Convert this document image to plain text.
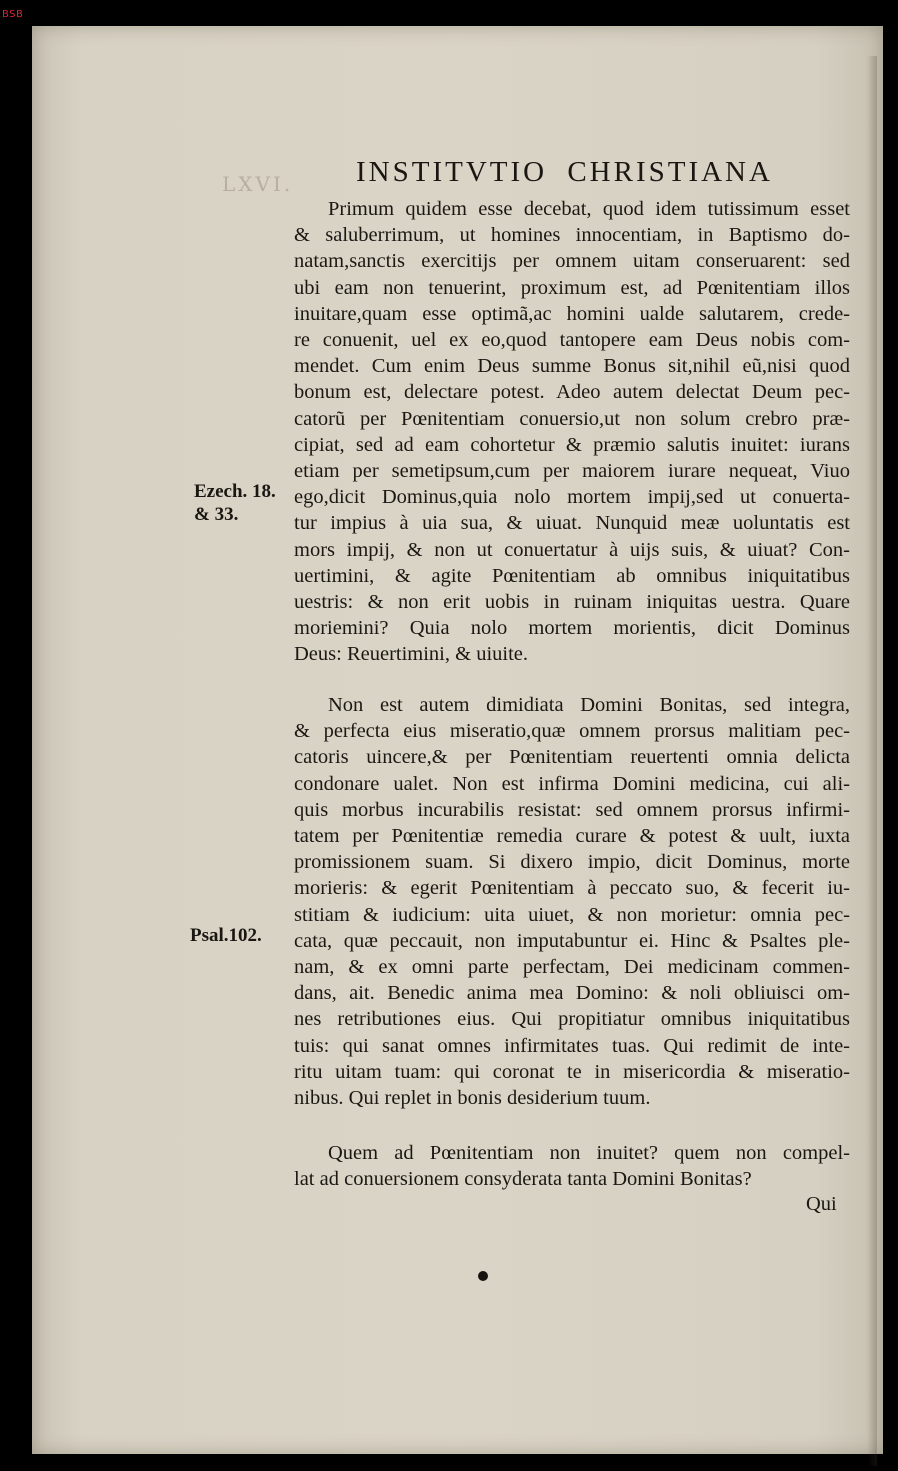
BSB
LXVI. INSTITVTIO CHRISTIANA
Ezech. 18.
& 33.
Psal.102.
Primum quidem esse decebat, quod idem tutissimum esset
& saluberrimum, ut homines innocentiam, in Baptismo do-
natam,sanctis exercitijs per omnem uitam conseruarent: sed
ubi eam non tenuerint, proximum est, ad Pœnitentiam illos
inuitare,quam esse optimã,ac homini ualde salutarem, crede-
re conuenit, uel ex eo,quod tantopere eam Deus nobis com-
mendet. Cum enim Deus summe Bonus sit,nihil eũ,nisi quod
bonum est, delectare potest. Adeo autem delectat Deum pec-
catorũ per Pœnitentiam conuersio,ut non solum crebro præ-
cipiat, sed ad eam cohortetur & præmio salutis inuitet: iurans
etiam per semetipsum,cum per maiorem iurare nequeat, Viuo
ego,dicit Dominus,quia nolo mortem impij,sed ut conuerta-
tur impius à uia sua, & uiuat. Nunquid meæ uoluntatis est
mors impij, & non ut conuertatur à uijs suis, & uiuat? Con-
uertimini, & agite Pœnitentiam ab omnibus iniquitatibus
uestris: & non erit uobis in ruinam iniquitas uestra. Quare
moriemini? Quia nolo mortem morientis, dicit Dominus
Deus: Reuertimini, & uiuite.
Non est autem dimidiata Domini Bonitas, sed integra,
& perfecta eius miseratio,quæ omnem prorsus malitiam pec-
catoris uincere,& per Pœnitentiam reuertenti omnia delicta
condonare ualet. Non est infirma Domini medicina, cui ali-
quis morbus incurabilis resistat: sed omnem prorsus infirmi-
tatem per Pœnitentiæ remedia curare & potest & uult, iuxta
promissionem suam. Si dixero impio, dicit Dominus, morte
morieris: & egerit Pœnitentiam à peccato suo, & fecerit iu-
stitiam & iudicium: uita uiuet, & non morietur: omnia pec-
cata, quæ peccauit, non imputabuntur ei. Hinc & Psaltes ple-
nam, & ex omni parte perfectam, Dei medicinam commen-
dans, ait. Benedic anima mea Domino: & noli obliuisci om-
nes retributiones eius. Qui propitiatur omnibus iniquitatibus
tuis: qui sanat omnes infirmitates tuas. Qui redimit de inte-
ritu uitam tuam: qui coronat te in misericordia & miseratio-
nibus. Qui replet in bonis desiderium tuum.
Quem ad Pœnitentiam non inuitet? quem non compel-
lat ad conuersionem consyderata tanta Domini Bonitas?
Qui
